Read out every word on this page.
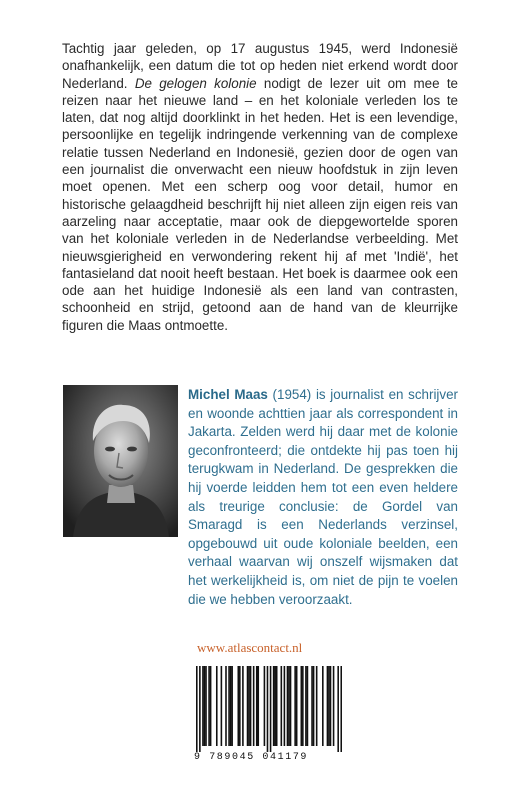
Tachtig jaar geleden, op 17 augustus 1945, werd Indonesië onafhankelijk, een datum die tot op heden niet erkend wordt door Nederland. De gelogen kolonie nodigt de lezer uit om mee te reizen naar het nieuwe land – en het koloniale verleden los te laten, dat nog altijd doorklinkt in het heden. Het is een levendige, persoonlijke en tegelijk indringende verkenning van de complexe relatie tussen Nederland en Indonesië, gezien door de ogen van een journalist die onverwacht een nieuw hoofdstuk in zijn leven moet openen. Met een scherp oog voor detail, humor en historische gelaagdheid beschrijft hij niet alleen zijn eigen reis van aarzeling naar acceptatie, maar ook de diepgewortelde sporen van het koloniale verleden in de Nederlandse verbeelding. Met nieuwsgierigheid en verwondering rekent hij af met 'Indië', het fantasieland dat nooit heeft bestaan. Het boek is daarmee ook een ode aan het huidige Indonesië als een land van contrasten, schoonheid en strijd, getoond aan de hand van de kleurrijke figuren die Maas ontmoette.

Michel Maas (1954) is journalist en schrijver en woonde achttien jaar als correspondent in Jakarta. Zelden werd hij daar met de kolonie geconfronteerd; die ontdekte hij pas toen hij terugkwam in Nederland. De gesprekken die hij voerde leidden hem tot een even heldere als treurige conclusie: de Gordel van Smaragd is een Nederlands verzinsel, opgebouwd uit oude koloniale beelden, een verhaal waarvan wij onszelf wijsmaken dat het werkelijkheid is, om niet de pijn te voelen die we hebben veroorzaakt.

www.atlascontact.nl
9 789045 041179
